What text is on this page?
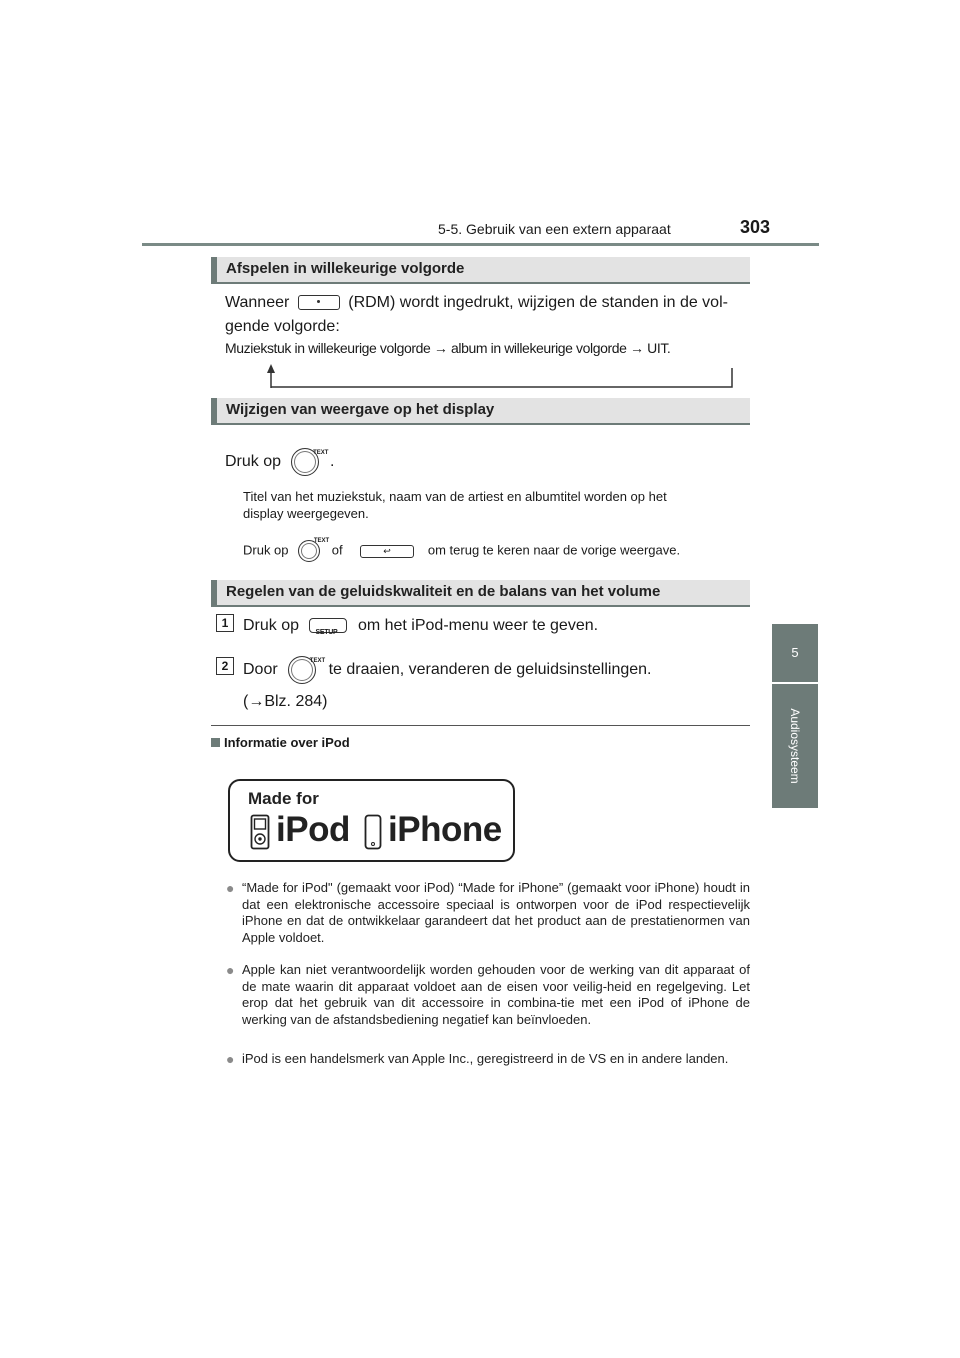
5-5. Gebruik van een extern apparaat	303
5
Audiosysteem
Afspelen in willekeurige volgorde
Wanneer	(RDM) wordt ingedrukt, wijzigen de standen in de vol-
gende volgorde:
Muziekstuk in willekeurige volgorde → album in willekeurige volgorde → UIT.
Wijzigen van weergave op het display
Druk op
TEXT
.
Titel van het muziekstuk, naam van de artiest en albumtitel worden op het
display weergegeven.
Druk op
TEXT
of	↩	om terug te keren naar de vorige weergave.
Regelen van de geluidskwaliteit en de balans van het volume
1 Druk op SETUP om het iPod-menu weer te geven.
2 Door
TEXT
te draaien, veranderen de geluidsinstellingen.
(→Blz. 284)
Informatie over iPod
Made for
iPod iPhone
● “Made for iPod" (gemaakt voor iPod) “Made for iPhone” (gemaakt voor iPhone) houdt in dat een elektronische accessoire speciaal is ontworpen voor de iPod respectievelijk iPhone en dat de ontwikkelaar garandeert dat het product aan de prestatienormen van Apple voldoet.
● Apple kan niet verantwoordelijk worden gehouden voor de werking van dit apparaat of de mate waarin dit apparaat voldoet aan de eisen voor veilig-heid en regelgeving. Let erop dat het gebruik van dit accessoire in combina-tie met een iPod of iPhone de werking van de afstandsbediening negatief kan beïnvloeden.
● iPod is een handelsmerk van Apple Inc., geregistreerd in de VS en in andere landen.
